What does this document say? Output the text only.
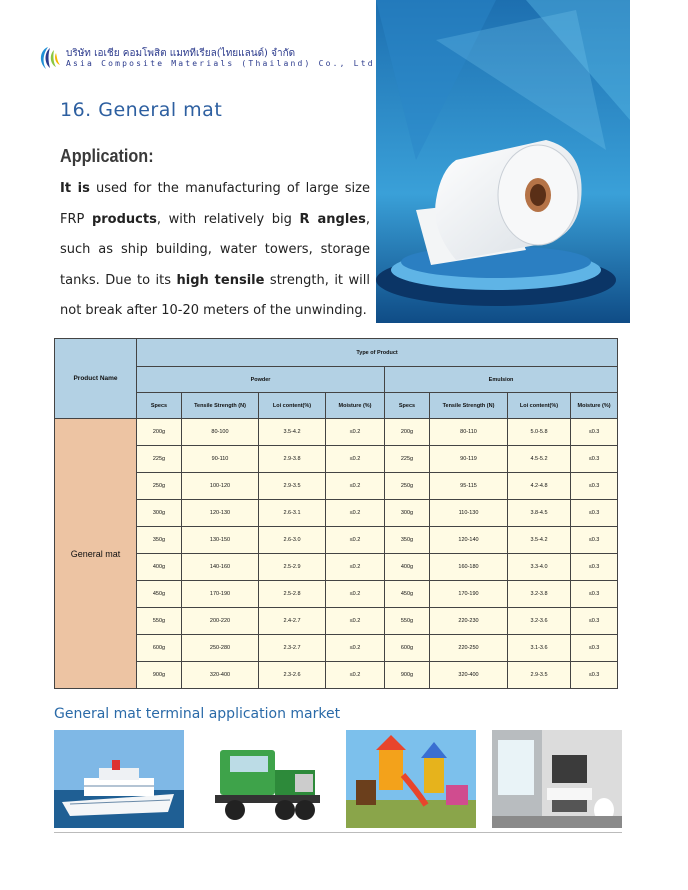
บริษัท เอเชีย คอมโพสิต แมททีเรียล(ไทยแลนด์) จำกัด
Asia Composite Materials (Thailand) Co., Ltd
16. General mat
Application:
It is used for the manufacturing of large size FRP products, with relatively big R angles, such as ship building, water towers, storage tanks. Due to its high tensile strength, it will not break after 10-20 meters of the unwinding.
Product Name	Type of Product							
	Powder				Emulsion			
	Specs	Tensile Strength (N)	Loi content(%)	Moisture (%)	Specs	Tensile Strength (N)	Loi content(%)	Moisture (%)
General mat	200g	80-100	3.5-4.2	≤0.2	200g	80-110	5.0-5.8	≤0.3
	225g	90-110	2.9-3.8	≤0.2	225g	90-119	4.5-5.2	≤0.3
	250g	100-120	2.9-3.5	≤0.2	250g	95-115	4.2-4.8	≤0.3
	300g	120-130	2.6-3.1	≤0.2	300g	110-130	3.8-4.5	≤0.3
	350g	130-150	2.6-3.0	≤0.2	350g	120-140	3.5-4.2	≤0.3
	400g	140-160	2.5-2.9	≤0.2	400g	160-180	3.3-4.0	≤0.3
	450g	170-190	2.5-2.8	≤0.2	450g	170-190	3.2-3.8	≤0.3
	550g	200-220	2.4-2.7	≤0.2	550g	220-230	3.2-3.6	≤0.3
	600g	250-280	2.3-2.7	≤0.2	600g	220-250	3.1-3.6	≤0.3
	900g	320-400	2.3-2.6	≤0.2	900g	320-400	2.9-3.5	≤0.3
General mat terminal application market
